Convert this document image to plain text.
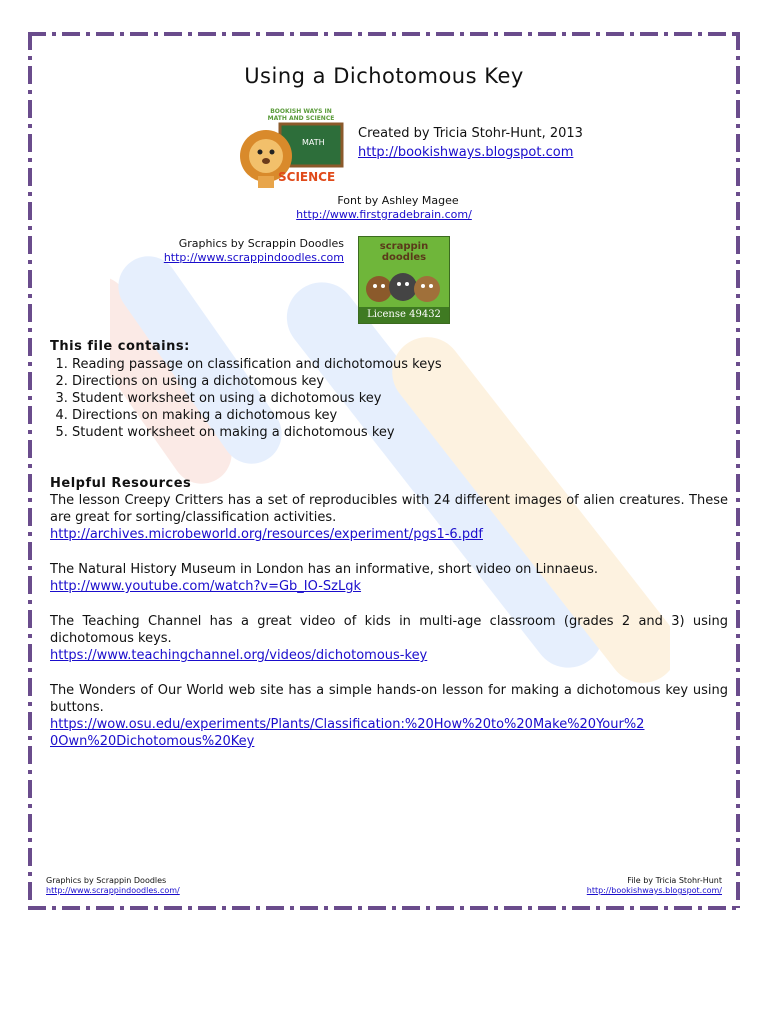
Using a Dichotomous Key
BOOKISH WAYS IN
MATH AND SCIENCE
MATH
SCIENCE
Created by Tricia Stohr-Hunt, 2013
http://bookishways.blogspot.com
Font by Ashley Magee
http://www.firstgradebrain.com/
Graphics by Scrappin Doodles
http://www.scrappindoodles.com
scrappin doodles
License 49432
This file contains:
1. Reading passage on classification and dichotomous keys
2. Directions on using a dichotomous key
3. Student worksheet on using a dichotomous key
4. Directions on making a dichotomous key
5. Student worksheet on making a dichotomous key
Helpful Resources
The lesson Creepy Critters has a set of reproducibles with 24 different images of alien creatures. These are great for sorting/classification activities.
http://archives.microbeworld.org/resources/experiment/pgs1-6.pdf
The Natural History Museum in London has an informative, short video on Linnaeus.
http://www.youtube.com/watch?v=Gb_IO-SzLgk
The Teaching Channel has a great video of kids in multi-age classroom (grades 2 and 3) using dichotomous keys.
https://www.teachingchannel.org/videos/dichotomous-key
The Wonders of Our World web site has a simple hands-on lesson for making a dichotomous key using buttons.
https://wow.osu.edu/experiments/Plants/Classification:%20How%20to%20Make%20Your%2
0Own%20Dichotomous%20Key
Graphics by Scrappin Doodles
http://www.scrappindoodles.com/
File by Tricia Stohr-Hunt
http://bookishways.blogspot.com/
